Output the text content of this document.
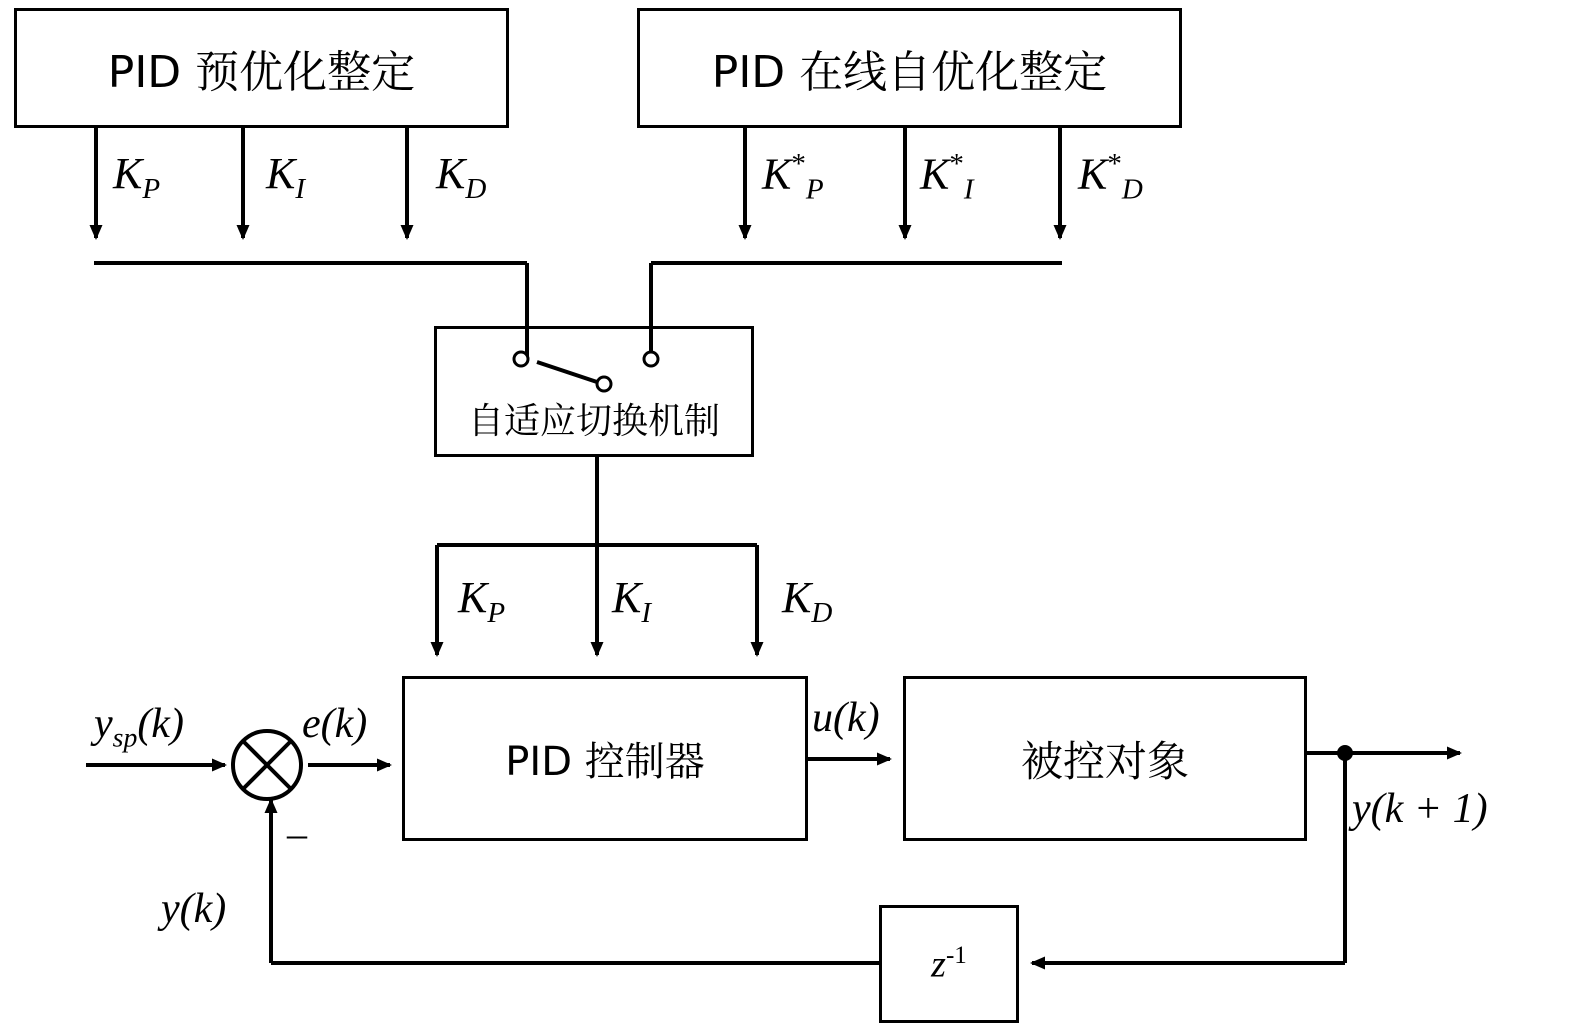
PID 预优化整定	PID 在线自优化整定
自适应切换机制
PID 控制器	被控对象
$z^{-1}$
$K_P$ $K_I$	$K_D$	$K^*_P$ $K^*_I$ $K^*_D$
$K_P$ $K_I$	$K_D$
$y_{sp}(k)$	e(k)	u(k)
y(k + 1)
y(k)
–
